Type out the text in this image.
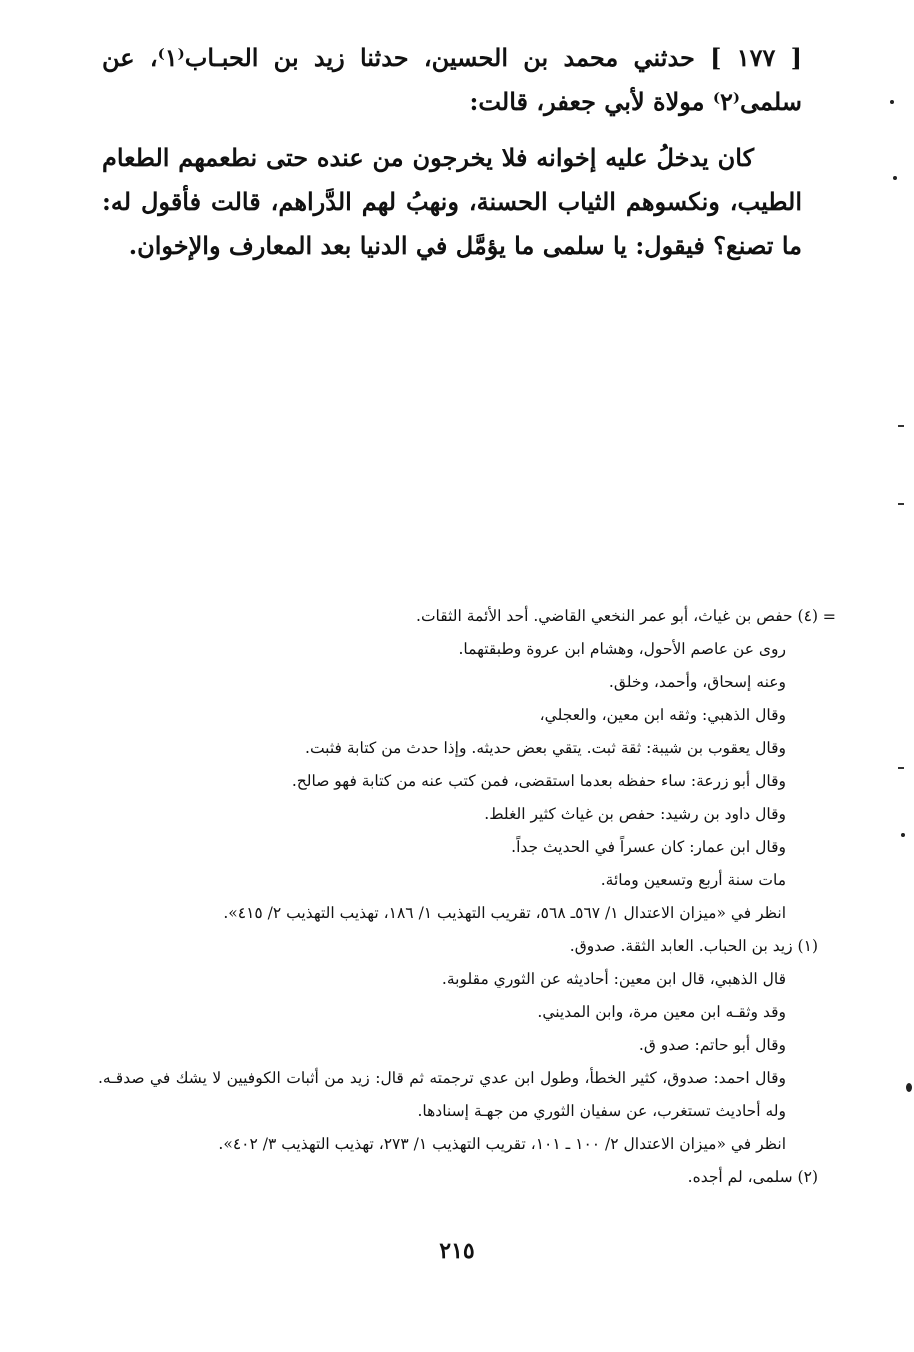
[ ١٧٧ ] حدثني محمد بن الحسين، حدثنا زيد بن الحبـاب⁽١⁾، عن سلمى⁽٢⁾ مولاة لأبي جعفر، قالت:

كان يدخلُ عليه إخوانه فلا يخرجون من عنده حتى نطعمهم الطعام الطيب، ونكسوهم الثياب الحسنة، ونهبُ لهم الدَّراهم، قالت فأقول له: ما تصنع؟ فيقول: يا سلمى ما يؤمَّل في الدنيا بعد المعارف والإخوان.

=

(٤) حفص بن غياث، أبو عمر النخعي القاضي. أحد الأئمة الثقات.

روى عن عاصم الأحول، وهشام ابن عروة وطبقتهما.

وعنه إسحاق، وأحمد، وخلق.

وقال الذهبي: وثقه ابن معين، والعجلي،

وقال يعقوب بن شيبة: ثقة ثبت. يتقي بعض حديثه. وإذا حدث من كتابة فثبت.

وقال أبو زرعة: ساء حفظه بعدما استقضى، فمن كتب عنه من كتابة فهو صالح.

وقال داود بن رشيد: حفص بن غياث كثير الغلط.

وقال ابن عمار: كان عسراً في الحديث جداً.

مات سنة أربع وتسعين ومائة.

انظر في «ميزان الاعتدال ١/ ٥٦٧ـ ٥٦٨، تقريب التهذيب ١/ ١٨٦، تهذيب التهذيب ٢/ ٤١٥».

(١) زيد بن الحباب. العابد الثقة. صدوق.

قال الذهبي، قال ابن معين: أحاديثه عن الثوري مقلوبة.

وقد وثقـه ابن معين مرة، وابن المديني.

وقال أبو حاتم: صدو ق.

وقال احمد: صدوق، كثير الخطأ، وطول ابن عدي ترجمته ثم قال: زيد من أثبات الكوفيين لا يشك في صدقـه. وله أحاديث تستغرب، عن سفيان الثوري من جهـة إسنادها.

انظر في «ميزان الاعتدال ٢/ ١٠٠ ـ ١٠١، تقريب التهذيب ١/ ٢٧٣، تهذيب التهذيب ٣/ ٤٠٢».

(٢) سلمى، لم أجده.

٢١٥
